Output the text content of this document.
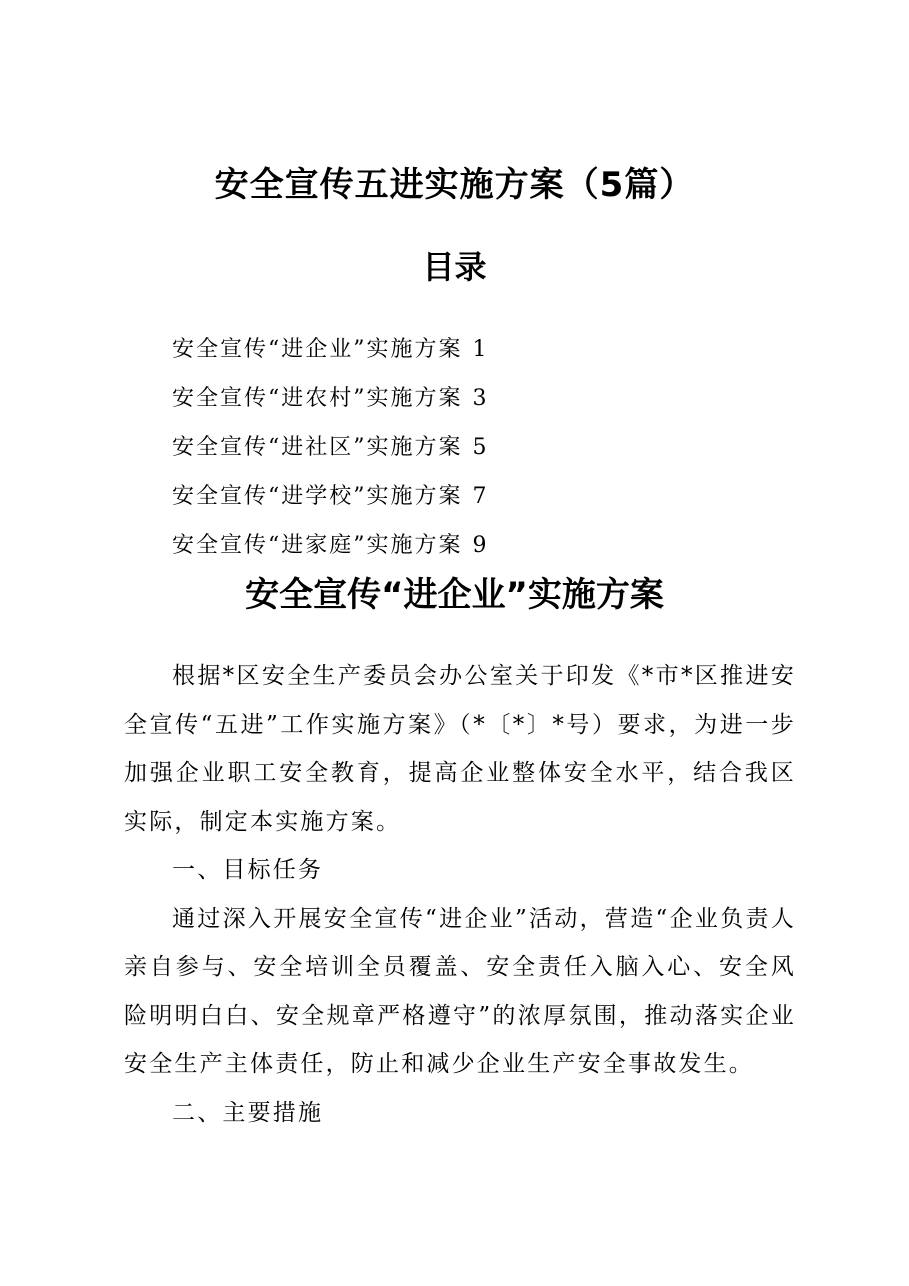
安全宣传五进实施方案（5篇）
目录
安全宣传“进企业”实施方案 1
安全宣传“进农村”实施方案 3
安全宣传“进社区”实施方案 5
安全宣传“进学校”实施方案 7
安全宣传“进家庭”实施方案 9
安全宣传“进企业”实施方案

根据*区安全生产委员会办公室关于印发《*市*区推进安全宣传“五进”工作实施方案》（*〔*〕*号）要求，为进一步加强企业职工安全教育，提高企业整体安全水平，结合我区实际，制定本实施方案。

一、目标任务

通过深入开展安全宣传“进企业”活动，营造“企业负责人亲自参与、安全培训全员覆盖、安全责任入脑入心、安全风险明明白白、安全规章严格遵守”的浓厚氛围，推动落实企业安全生产主体责任，防止和减少企业生产安全事故发生。

二、主要措施
